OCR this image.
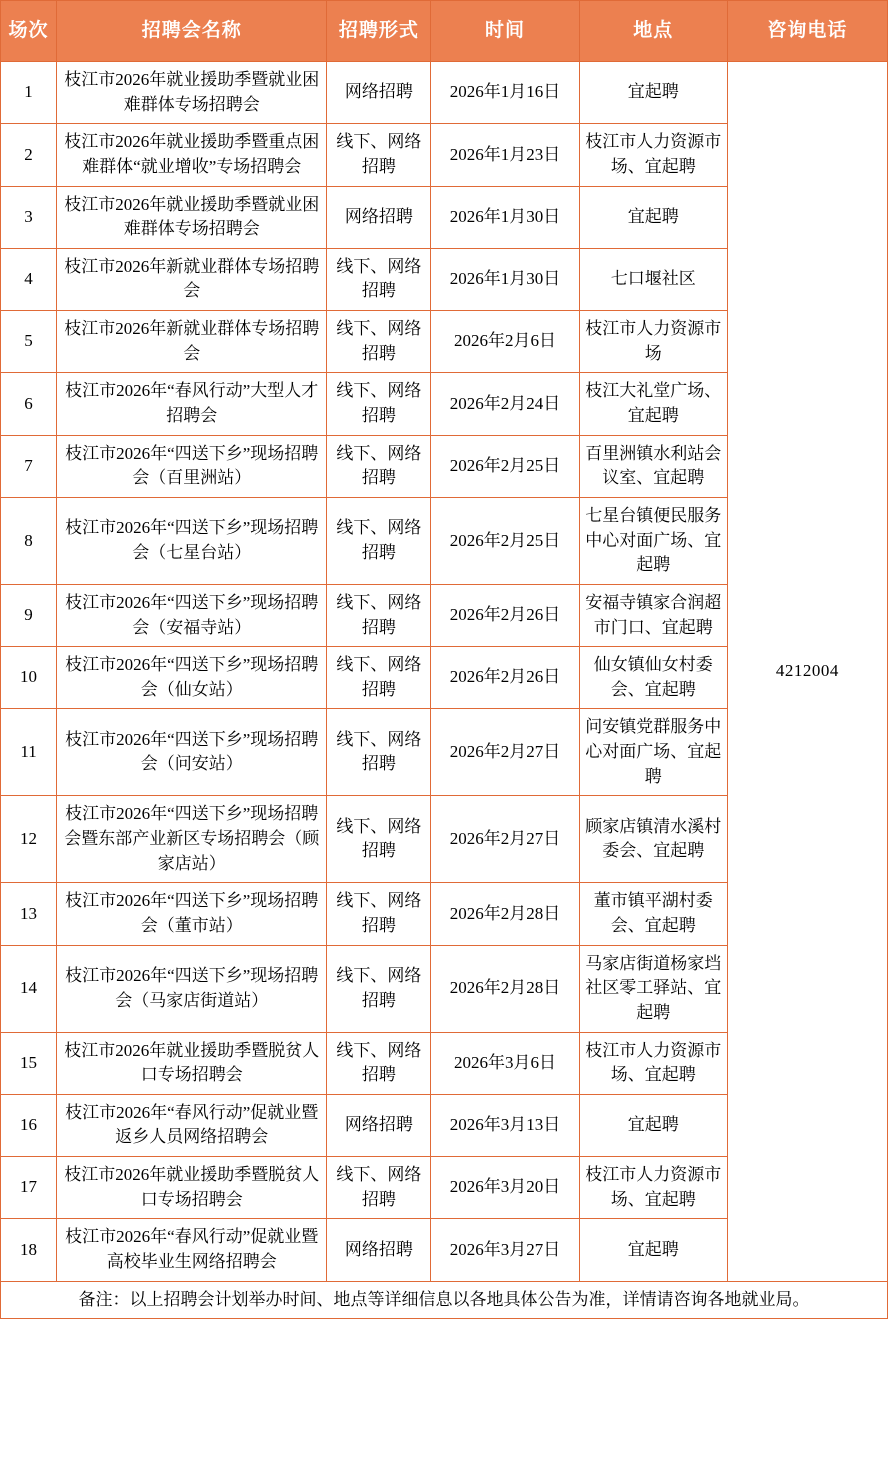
场次	招聘会名称	招聘形式	时间	地点	咨询电话
1	枝江市2026年就业援助季暨就业困难群体专场招聘会	网络招聘	2026年1月16日	宜起聘	4212004
2	枝江市2026年就业援助季暨重点困难群体“就业增收”专场招聘会	线下、网络招聘	2026年1月23日	枝江市人力资源市场、宜起聘	
3	枝江市2026年就业援助季暨就业困难群体专场招聘会	网络招聘	2026年1月30日	宜起聘	
4	枝江市2026年新就业群体专场招聘会	线下、网络招聘	2026年1月30日	七口堰社区	
5	枝江市2026年新就业群体专场招聘会	线下、网络招聘	2026年2月6日	枝江市人力资源市场	
6	枝江市2026年“春风行动”大型人才招聘会	线下、网络招聘	2026年2月24日	枝江大礼堂广场、宜起聘	
7	枝江市2026年“四送下乡”现场招聘会（百里洲站）	线下、网络招聘	2026年2月25日	百里洲镇水利站会议室、宜起聘	
8	枝江市2026年“四送下乡”现场招聘会（七星台站）	线下、网络招聘	2026年2月25日	七星台镇便民服务中心对面广场、宜起聘	
9	枝江市2026年“四送下乡”现场招聘会（安福寺站）	线下、网络招聘	2026年2月26日	安福寺镇家合润超市门口、宜起聘	
10	枝江市2026年“四送下乡”现场招聘会（仙女站）	线下、网络招聘	2026年2月26日	仙女镇仙女村委会、宜起聘	
11	枝江市2026年“四送下乡”现场招聘会（问安站）	线下、网络招聘	2026年2月27日	问安镇党群服务中心对面广场、宜起聘	
12	枝江市2026年“四送下乡”现场招聘会暨东部产业新区专场招聘会（顾家店站）	线下、网络招聘	2026年2月27日	顾家店镇清水溪村委会、宜起聘	
13	枝江市2026年“四送下乡”现场招聘会（董市站）	线下、网络招聘	2026年2月28日	董市镇平湖村委会、宜起聘	
14	枝江市2026年“四送下乡”现场招聘会（马家店街道站）	线下、网络招聘	2026年2月28日	马家店街道杨家垱社区零工驿站、宜起聘	
15	枝江市2026年就业援助季暨脱贫人口专场招聘会	线下、网络招聘	2026年3月6日	枝江市人力资源市场、宜起聘	
16	枝江市2026年“春风行动”促就业暨返乡人员网络招聘会	网络招聘	2026年3月13日	宜起聘	
17	枝江市2026年就业援助季暨脱贫人口专场招聘会	线下、网络招聘	2026年3月20日	枝江市人力资源市场、宜起聘	
18	枝江市2026年“春风行动”促就业暨高校毕业生网络招聘会	网络招聘	2026年3月27日	宜起聘	
备注：以上招聘会计划举办时间、地点等详细信息以各地具体公告为准，详情请咨询各地就业局。					
